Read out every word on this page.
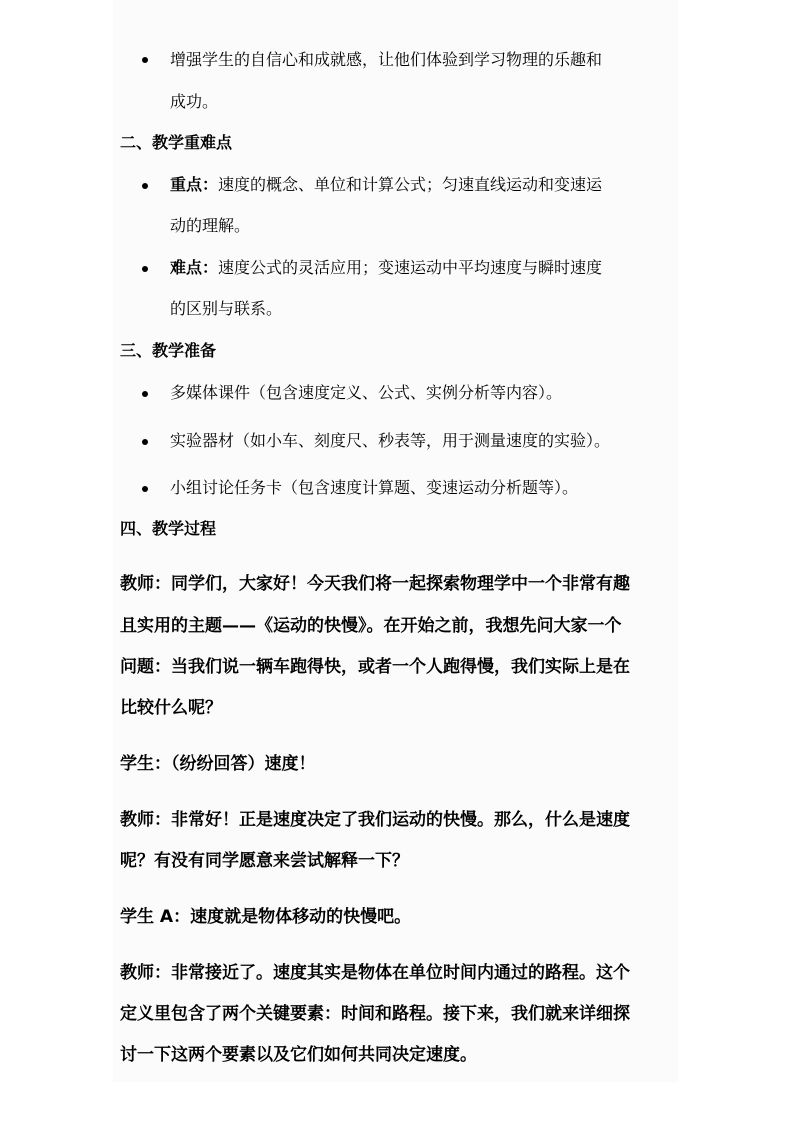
增强学生的自信心和成就感，让他们体验到学习物理的乐趣和
成功。
二、教学重难点
重点：速度的概念、单位和计算公式；匀速直线运动和变速运
动的理解。
难点：速度公式的灵活应用；变速运动中平均速度与瞬时速度
的区别与联系。
三、教学准备
多媒体课件（包含速度定义、公式、实例分析等内容）。
实验器材（如小车、刻度尺、秒表等，用于测量速度的实验）。
小组讨论任务卡（包含速度计算题、变速运动分析题等）。
四、教学过程
教师：同学们，大家好！今天我们将一起探索物理学中一个非常有趣
且实用的主题——《运动的快慢》。在开始之前，我想先问大家一个
问题：当我们说一辆车跑得快，或者一个人跑得慢，我们实际上是在
比较什么呢？
学生：（纷纷回答）速度！
教师：非常好！正是速度决定了我们运动的快慢。那么，什么是速度
呢？有没有同学愿意来尝试解释一下？
学生 A：速度就是物体移动的快慢吧。
教师：非常接近了。速度其实是物体在单位时间内通过的路程。这个
定义里包含了两个关键要素：时间和路程。接下来，我们就来详细探
讨一下这两个要素以及它们如何共同决定速度。
